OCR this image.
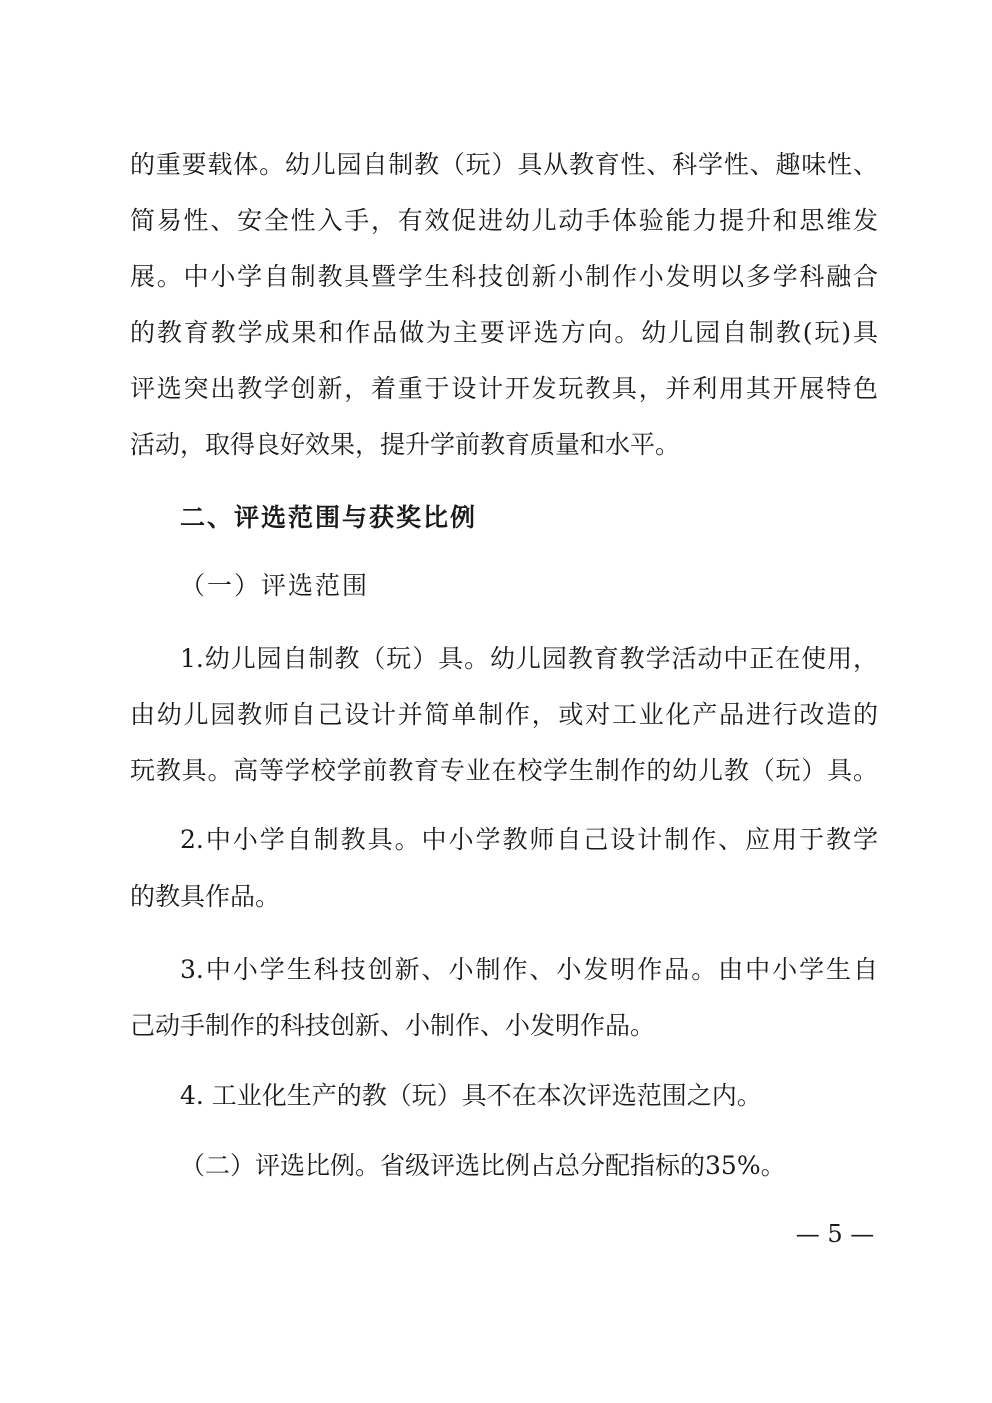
的重要载体。幼儿园自制教（玩）具从教育性、科学性、趣味性、
简易性、安全性入手，有效促进幼儿动手体验能力提升和思维发
展。中小学自制教具暨学生科技创新小制作小发明以多学科融合
的教育教学成果和作品做为主要评选方向。幼儿园自制教(玩)具
评选突出教学创新，着重于设计开发玩教具，并利用其开展特色
活动，取得良好效果，提升学前教育质量和水平。
二、评选范围与获奖比例
（一）评选范围
1.幼儿园自制教（玩）具。幼儿园教育教学活动中正在使用，
由幼儿园教师自己设计并简单制作，或对工业化产品进行改造的
玩教具。高等学校学前教育专业在校学生制作的幼儿教（玩）具。
2.中小学自制教具。中小学教师自己设计制作、应用于教学
的教具作品。
3.中小学生科技创新、小制作、小发明作品。由中小学生自
己动手制作的科技创新、小制作、小发明作品。
4. 工业化生产的教（玩）具不在本次评选范围之内。
（二）评选比例。省级评选比例占总分配指标的35%。
— 5 —
